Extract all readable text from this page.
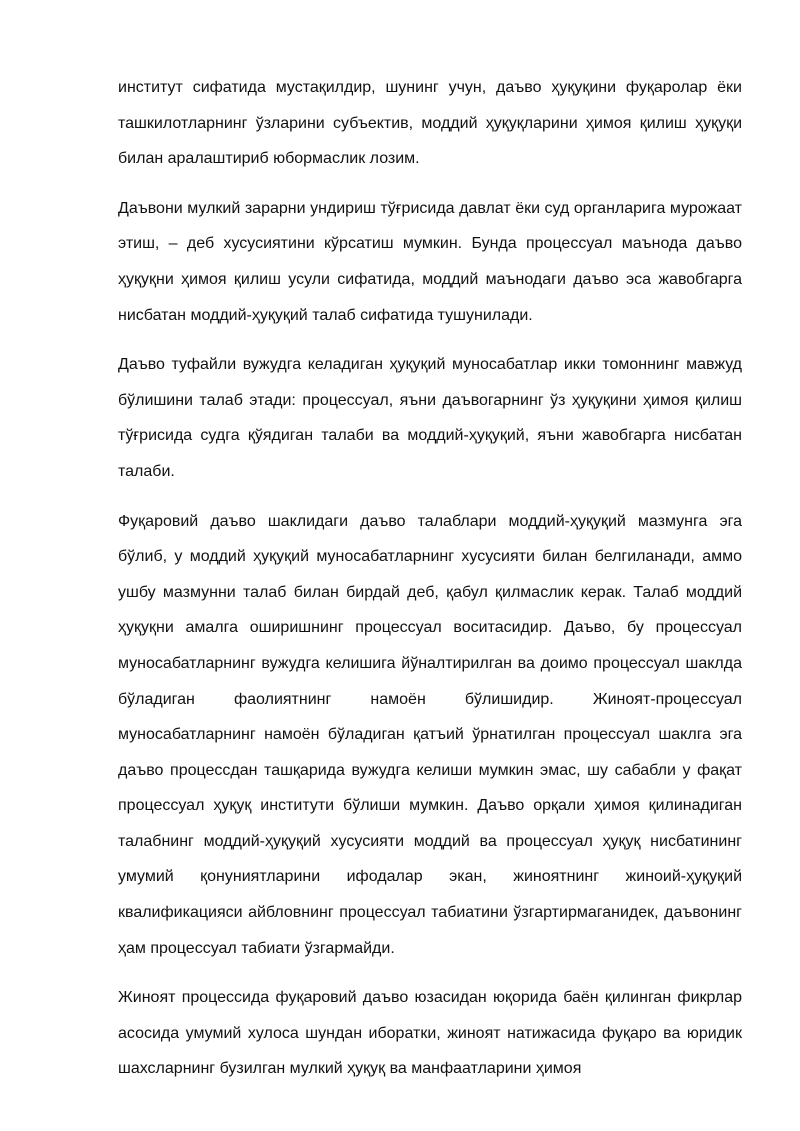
институт сифатида мустақилдир, шунинг учун, даъво ҳуқуқини фуқаролар ёки ташкилотларнинг ўзларини субъектив, моддий ҳуқуқларини ҳимоя қилиш ҳуқуқи билан аралаштириб юбормаслик лозим.

Даъвони мулкий зарарни ундириш тўғрисида давлат ёки суд органларига мурожаат этиш, – деб хусусиятини кўрсатиш мумкин. Бунда процессуал маънода даъво ҳуқуқни ҳимоя қилиш усули сифатида, моддий маънодаги даъво эса жавобгарга нисбатан моддий-ҳуқуқий талаб сифатида тушунилади.

Даъво туфайли вужудга келадиган ҳуқуқий муносабатлар икки томоннинг мавжуд бўлишини талаб этади: процессуал, яъни даъвогарнинг ўз ҳуқуқини ҳимоя қилиш тўғрисида судга қўядиган талаби ва моддий-ҳуқуқий, яъни жавобгарга нисбатан талаби.

Фуқаровий даъво шаклидаги даъво талаблари моддий-ҳуқуқий мазмунга эга бўлиб, у моддий ҳуқуқий муносабатларнинг хусусияти билан белгиланади, аммо ушбу мазмунни талаб билан бирдай деб, қабул қилмаслик керак. Талаб моддий ҳуқуқни амалга оширишнинг процессуал воситасидир. Даъво, бу процессуал муносабатларнинг вужудга келишига йўналтирилган ва доимо процессуал шаклда бўладиган фаолиятнинг намоён бўлишидир. Жиноят-процессуал муносабатларнинг намоён бўладиган қатъий ўрнатилган процессуал шаклга эга даъво процессдан ташқарида вужудга келиши мумкин эмас, шу сабабли у фақат процессуал ҳуқуқ институти бўлиши мумкин. Даъво орқали ҳимоя қилинадиган талабнинг моддий-ҳуқуқий хусусияти моддий ва процессуал ҳуқуқ нисбатининг умумий қонуниятларини ифодалар экан, жиноятнинг жиноий-ҳуқуқий квалификацияси айбловнинг процессуал табиатини ўзгартирмаганидек, даъвонинг ҳам процессуал табиати ўзгармайди.

Жиноят процессида фуқаровий даъво юзасидан юқорида баён қилинган фикрлар асосида умумий хулоса шундан иборатки, жиноят натижасида фуқаро ва юридик шахсларнинг бузилган мулкий ҳуқуқ ва манфаатларини ҳимоя
